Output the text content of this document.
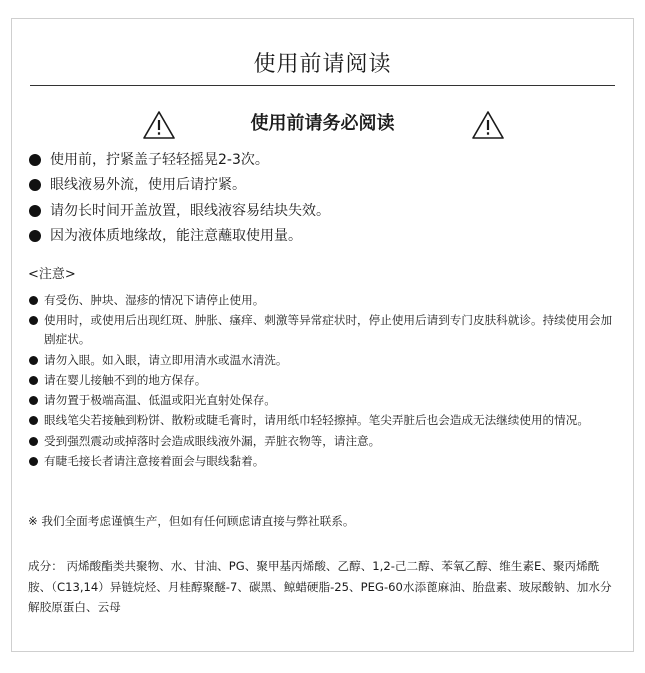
使用前请阅读
使用前请务必阅读
使用前，拧紧盖子轻轻摇晃2-3次。
眼线液易外流，使用后请拧紧。
请勿长时间开盖放置，眼线液容易结块失效。
因为液体质地缘故，能注意蘸取使用量。
<注意>
有受伤、肿块、湿疹的情况下请停止使用。
使用时，或使用后出现红斑、肿胀、瘙痒、刺激等异常症状时，停止使用后请到专门皮肤科就诊。持续使用会加剧症状。
请勿入眼。如入眼，请立即用清水或温水清洗。
请在婴儿接触不到的地方保存。
请勿置于极端高温、低温或阳光直射处保存。
眼线笔尖若接触到粉饼、散粉或睫毛膏时，请用纸巾轻轻擦掉。笔尖弄脏后也会造成无法继续使用的情况。
受到强烈震动或掉落时会造成眼线液外漏，弄脏衣物等，请注意。
有睫毛接长者请注意接着面会与眼线黏着。
※ 我们全面考虑谨慎生产，但如有任何顾虑请直接与弊社联系。
成分： 丙烯酸酯类共聚物、水、甘油、PG、聚甲基丙烯酸、乙醇、1,2-己二醇、苯氧乙醇、维生素E、聚丙烯酰胺、（C13,14）异链烷烃、月桂醇聚醚-7、碳黑、鲸蜡硬脂-25、PEG-60水添蓖麻油、胎盘素、玻尿酸钠、加水分解胶原蛋白、云母
